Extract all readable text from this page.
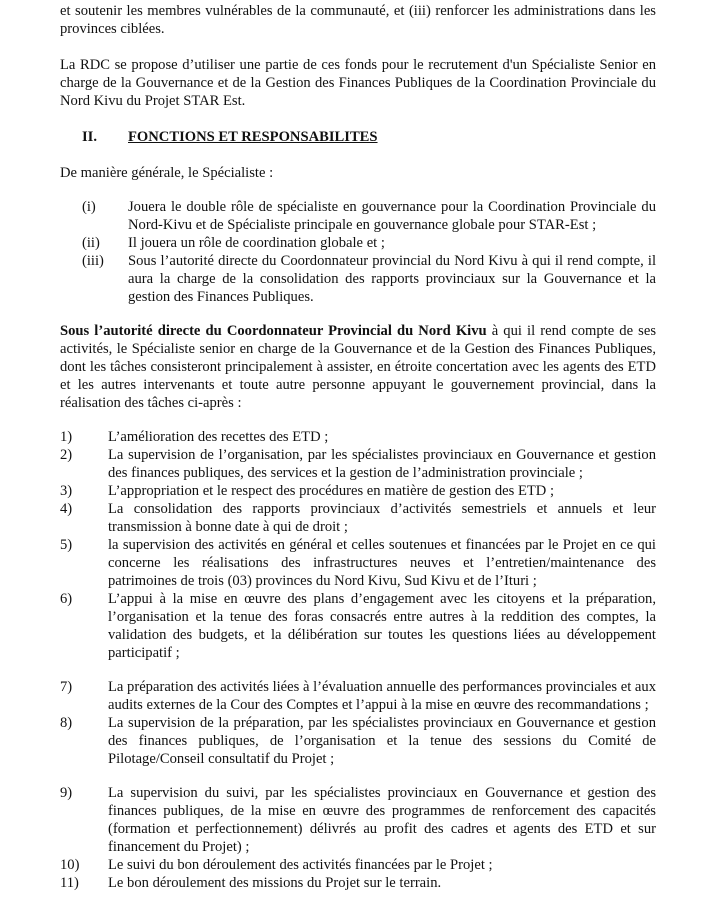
et soutenir les membres vulnérables de la communauté, et (iii) renforcer les administrations dans les provinces ciblées.

La RDC se propose d’utiliser une partie de ces fonds pour le recrutement d'un Spécialiste Senior en charge de la Gouvernance et de la Gestion des Finances Publiques de la Coordination Provinciale du Nord Kivu du Projet STAR Est.

II.	FONCTIONS ET RESPONSABILITES

De manière générale, le Spécialiste :

(i)	Jouera le double rôle de spécialiste en gouvernance pour la Coordination Provinciale du Nord-Kivu et de Spécialiste principale en gouvernance globale pour STAR-Est ;
(ii)	Il jouera un rôle de coordination globale et ;
(iii)	Sous l’autorité directe du Coordonnateur provincial du Nord Kivu à qui il rend compte, il aura la charge de la consolidation des rapports provinciaux sur la Gouvernance et la gestion des Finances Publiques.

Sous l’autorité directe du Coordonnateur Provincial du Nord Kivu à qui il rend compte de ses activités, le Spécialiste senior en charge de la Gouvernance et de la Gestion des Finances Publiques, dont les tâches consisteront principalement à assister, en étroite concertation avec les agents des ETD et les autres intervenants et toute autre personne appuyant le gouvernement provincial, dans la réalisation des tâches ci-après :

1)	L’amélioration des recettes des ETD ;
2)	La supervision de l’organisation, par les spécialistes provinciaux en Gouvernance et gestion des finances publiques, des services et la gestion de l’administration provinciale ;
3)	L’appropriation et le respect des procédures en matière de gestion des ETD ;
4)	La consolidation des rapports provinciaux d’activités semestriels et annuels et leur transmission à bonne date à qui de droit ;
5)	la supervision des activités en général et celles soutenues et financées par le Projet en ce qui concerne les réalisations des infrastructures neuves et l’entretien/maintenance des patrimoines de trois (03) provinces du Nord Kivu, Sud Kivu et de l’Ituri ;
6)	L’appui à la mise en œuvre des plans d’engagement avec les citoyens et la préparation, l’organisation et la tenue des foras consacrés entre autres à la reddition des comptes, la validation des budgets, et la délibération sur toutes les questions liées au développement participatif ;
7)	La préparation des activités liées à l’évaluation annuelle des performances provinciales et aux audits externes de la Cour des Comptes et l’appui à la mise en œuvre des recommandations ;
8)	La supervision de la préparation, par les spécialistes provinciaux en Gouvernance et gestion des finances publiques, de l’organisation et la tenue des sessions du Comité de Pilotage/Conseil consultatif du Projet ;
9)	La supervision du suivi, par les spécialistes provinciaux en Gouvernance et gestion des finances publiques, de la mise en œuvre des programmes de renforcement des capacités (formation et perfectionnement) délivrés au profit des cadres et agents des ETD et sur financement du Projet) ;
10)	Le suivi du bon déroulement des activités financées par le Projet ;
11)	Le bon déroulement des missions du Projet sur le terrain.
